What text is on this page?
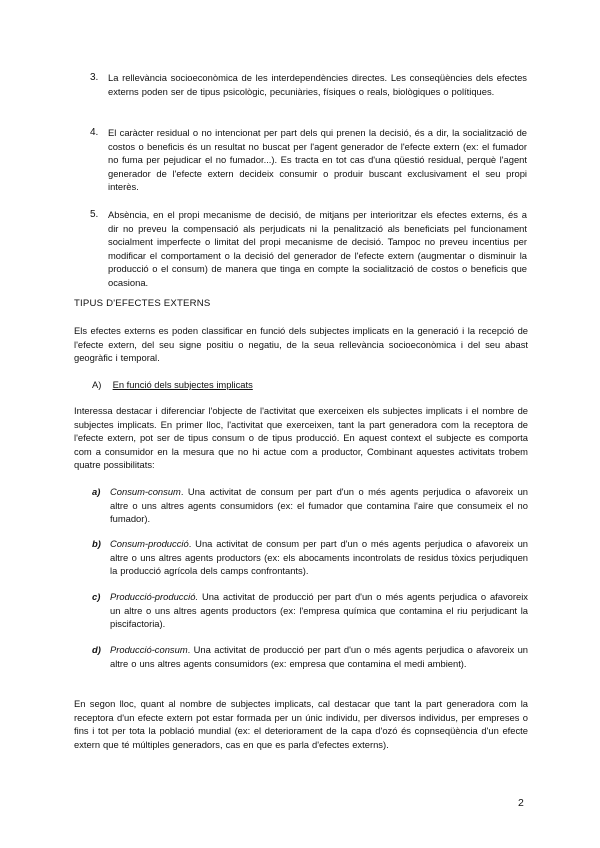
3.	La rellevància socioeconòmica de les interdependències directes. Les conseqüències dels efectes externs poden ser de tipus psicològic, pecuniàries, físiques o reals, biològiques o polítiques.
4.	El caràcter residual o no intencionat per part dels qui prenen la decisió, és a dir, la socialització de costos o beneficis és un resultat no buscat per l'agent generador de l'efecte extern (ex: el fumador no fuma per pejudicar el no fumador...). Es tracta en tot cas d'una qüestió residual, perquè l'agent generador de l'efecte extern decideix consumir o produir buscant exclusivament el seu propi interès.
5.	Absència, en el propi mecanisme de decisió, de mitjans per interioritzar els efectes externs, és a dir no preveu la compensació als perjudicats ni la penalització als beneficiats pel funcionament socialment imperfecte o limitat del propi mecanisme de decisió. Tampoc no preveu incentius per modificar el comportament o la decisió del generador de l'efecte extern (augmentar o disminuir la producció o el consum) de manera que tinga en compte la socialització de costos o beneficis que ocasiona.
TIPUS D'EFECTES EXTERNS
Els efectes externs es poden classificar en funció dels subjectes implicats en la generació i la recepció de l'efecte extern, del seu signe positiu o negatiu, de la seua rellevància socioeconòmica i del seu abast geogràfic i temporal.
A) En funció dels subjectes implicats
Interessa destacar i diferenciar l'objecte de l'activitat que exerceixen els subjectes implicats i el nombre de subjectes implicats. En primer lloc, l'activitat que exerceixen, tant la part generadora com la receptora de l'efecte extern, pot ser de tipus consum o de tipus producció. En aquest context el subjecte es comporta com a consumidor en la mesura que no hi actue com a productor, Combinant aquestes activitats trobem quatre possibilitats:
a) Consum-consum. Una activitat de consum per part d'un o més agents perjudica o afavoreix un altre o uns altres agents consumidors (ex: el fumador que contamina l'aire que consumeix el no fumador).
b) Consum-producció. Una activitat de consum per part d'un o més agents perjudica o afavoreix un altre o uns altres agents productors (ex: els abocaments incontrolats de residus tòxics perjudiquen la producció agrícola dels camps confrontants).
c) Producció-producció. Una activitat de producció per part d'un o més agents perjudica o afavoreix un altre o uns altres agents productors (ex: l'empresa química que contamina el riu perjudicant la piscifactoria).
d) Producció-consum. Una activitat de producció per part d'un o més agents perjudica o afavoreix un altre o uns altres agents consumidors (ex: empresa que contamina el medi ambient).
En segon lloc, quant al nombre de subjectes implicats, cal destacar que tant la part generadora com la receptora d'un efecte extern pot estar formada per un únic individu, per diversos individus, per empreses o fins i tot per tota la població mundial (ex: el deteriorament de la capa d'ozó és copnseqüència d'un efecte extern que té múltiples generadors, cas en que es parla d'efectes externs).
2
